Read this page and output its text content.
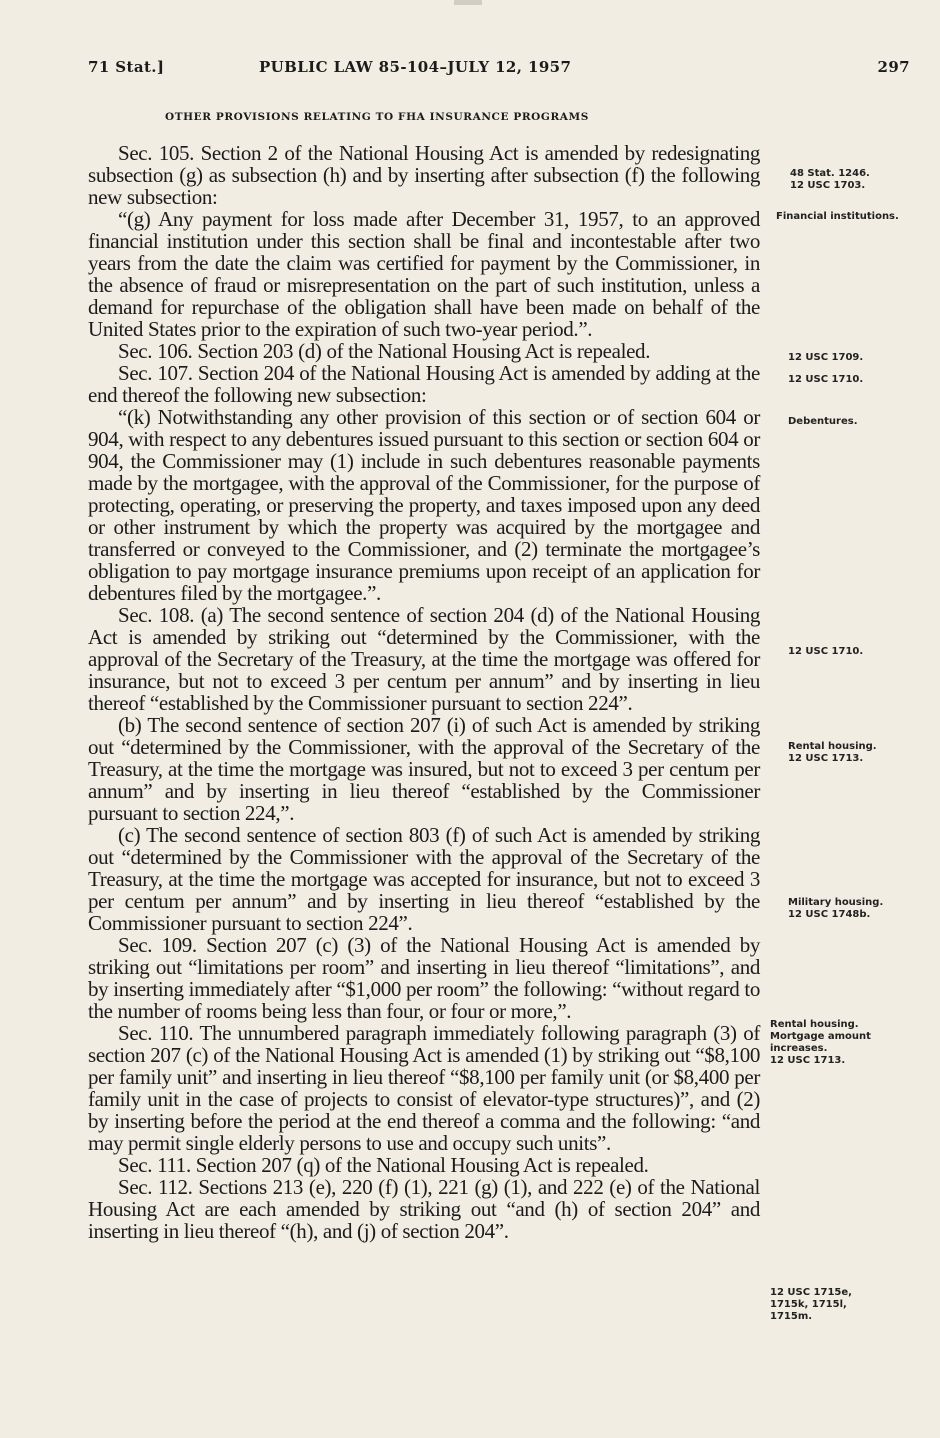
71 Stat.]	PUBLIC LAW 85-104–JULY 12, 1957	297
OTHER PROVISIONS RELATING TO FHA INSURANCE PROGRAMS

Sec. 105. Section 2 of the National Housing Act is amended by redesignating subsection (g) as subsection (h) and by inserting after subsection (f) the following new subsection:

“(g) Any payment for loss made after December 31, 1957, to an approved financial institution under this section shall be final and incontestable after two years from the date the claim was certified for payment by the Commissioner, in the absence of fraud or misrepresentation on the part of such institution, unless a demand for repurchase of the obligation shall have been made on behalf of the United States prior to the expiration of such two-year period.”.

Sec. 106. Section 203 (d) of the National Housing Act is repealed.

Sec. 107. Section 204 of the National Housing Act is amended by adding at the end thereof the following new subsection:

“(k) Notwithstanding any other provision of this section or of section 604 or 904, with respect to any debentures issued pursuant to this section or section 604 or 904, the Commissioner may (1) include in such debentures reasonable payments made by the mortgagee, with the approval of the Commissioner, for the purpose of protecting, operating, or preserving the property, and taxes imposed upon any deed or other instrument by which the property was acquired by the mortgagee and transferred or conveyed to the Commissioner, and (2) terminate the mortgagee’s obligation to pay mortgage insurance premiums upon receipt of an application for debentures filed by the mortgagee.”.

Sec. 108. (a) The second sentence of section 204 (d) of the National Housing Act is amended by striking out “determined by the Commissioner, with the approval of the Secretary of the Treasury, at the time the mortgage was offered for insurance, but not to exceed 3 per centum per annum” and by inserting in lieu thereof “established by the Commissioner pursuant to section 224”.

(b) The second sentence of section 207 (i) of such Act is amended by striking out “determined by the Commissioner, with the approval of the Secretary of the Treasury, at the time the mortgage was insured, but not to exceed 3 per centum per annum” and by inserting in lieu thereof “established by the Commissioner pursuant to section 224,”.

(c) The second sentence of section 803 (f) of such Act is amended by striking out “determined by the Commissioner with the approval of the Secretary of the Treasury, at the time the mortgage was accepted for insurance, but not to exceed 3 per centum per annum” and by inserting in lieu thereof “established by the Commissioner pursuant to section 224”.

Sec. 109. Section 207 (c) (3) of the National Housing Act is amended by striking out “limitations per room” and inserting in lieu thereof “limitations”, and by inserting immediately after “$1,000 per room” the following: “without regard to the number of rooms being less than four, or four or more,”.

Sec. 110. The unnumbered paragraph immediately following paragraph (3) of section 207 (c) of the National Housing Act is amended (1) by striking out “$8,100 per family unit” and inserting in lieu thereof “$8,100 per family unit (or $8,400 per family unit in the case of projects to consist of elevator-type structures)”, and (2) by inserting before the period at the end thereof a comma and the following: “and may permit single elderly persons to use and occupy such units”.

Sec. 111. Section 207 (q) of the National Housing Act is repealed.

Sec. 112. Sections 213 (e), 220 (f) (1), 221 (g) (1), and 222 (e) of the National Housing Act are each amended by striking out “and (h) of section 204” and inserting in lieu thereof “(h), and (j) of section 204”.

48 Stat. 1246.
12 USC 1703.
Financial institutions.
12 USC 1709.
12 USC 1710.
Debentures.
12 USC 1710.
Rental housing.
12 USC 1713.
Military housing.
12 USC 1748b.
Rental housing.
Mortgage amount increases.
12 USC 1713.
12 USC 1715e,
1715k, 1715l,
1715m.
